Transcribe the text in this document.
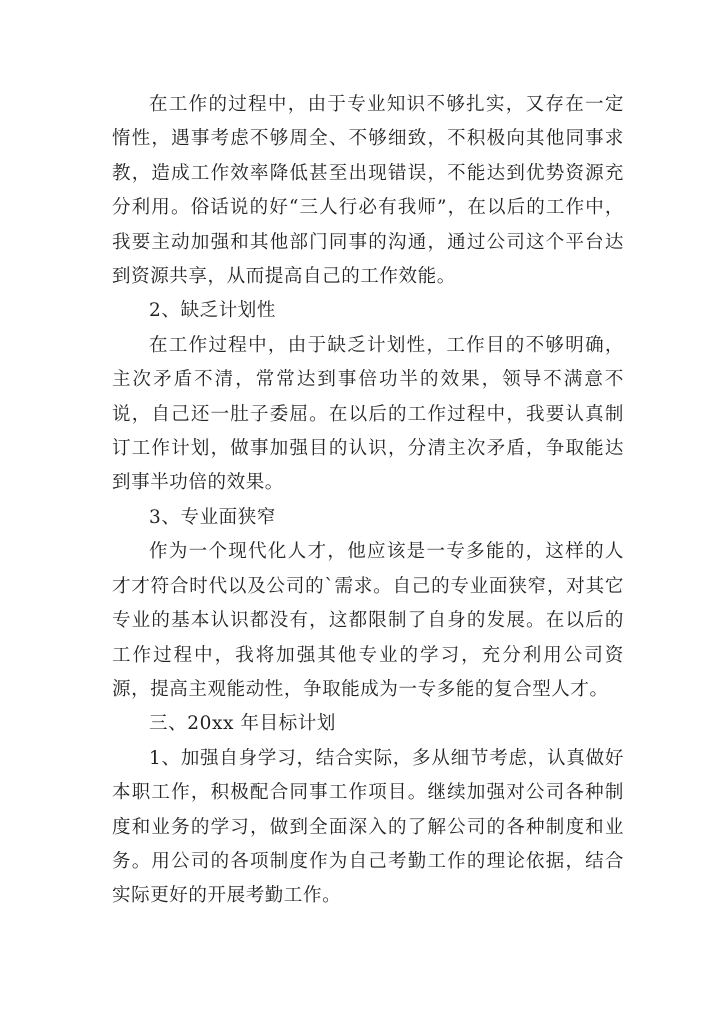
在工作的过程中，由于专业知识不够扎实，又存在一定惰性，遇事考虑不够周全、不够细致，不积极向其他同事求教，造成工作效率降低甚至出现错误，不能达到优势资源充分利用。俗话说的好“三人行必有我师”，在以后的工作中，我要主动加强和其他部门同事的沟通，通过公司这个平台达到资源共享，从而提高自己的工作效能。

2、缺乏计划性

在工作过程中，由于缺乏计划性，工作目的不够明确，主次矛盾不清，常常达到事倍功半的效果，领导不满意不说，自己还一肚子委屈。在以后的工作过程中，我要认真制订工作计划，做事加强目的认识，分清主次矛盾，争取能达到事半功倍的效果。

3、专业面狭窄

作为一个现代化人才，他应该是一专多能的，这样的人才才符合时代以及公司的`需求。自己的专业面狭窄，对其它专业的基本认识都没有，这都限制了自身的发展。在以后的工作过程中，我将加强其他专业的学习，充分利用公司资源，提高主观能动性，争取能成为一专多能的复合型人才。

三、20xx 年目标计划

1、加强自身学习，结合实际，多从细节考虑，认真做好本职工作，积极配合同事工作项目。继续加强对公司各种制度和业务的学习，做到全面深入的了解公司的各种制度和业务。用公司的各项制度作为自己考勤工作的理论依据，结合实际更好的开展考勤工作。
